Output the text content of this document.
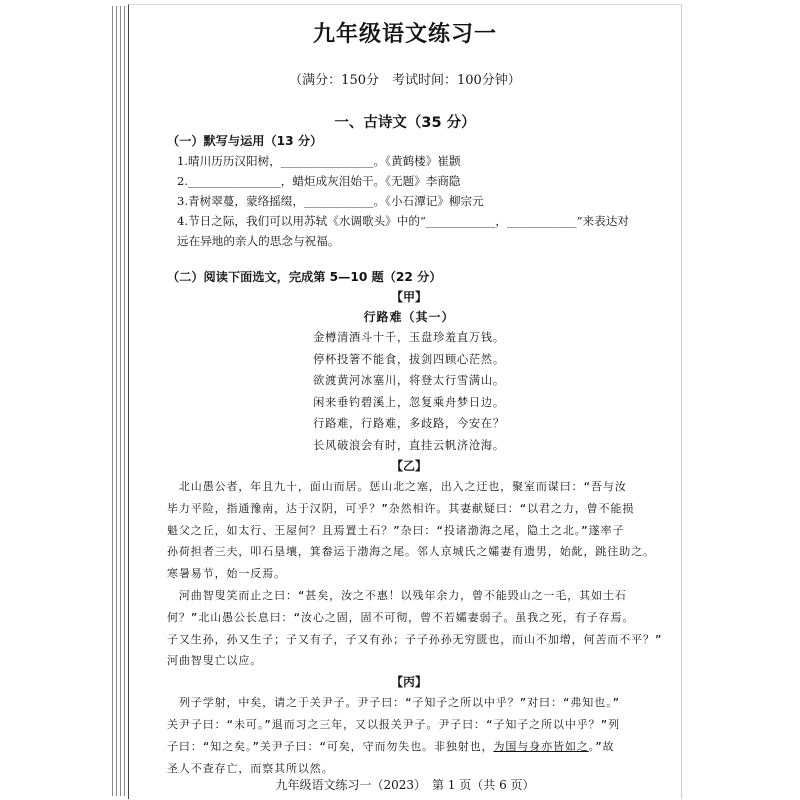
九年级语文练习一
（满分：150分　考试时间：100分钟）
一、古诗文（35 分）
（一）默写与运用（13 分）
1.晴川历历汉阳树，________________。《黄鹤楼》崔颢
2.________________，蜡炬成灰泪始干。《无题》李商隐
3.青树翠蔓，蒙络摇缀，____________。《小石潭记》柳宗元
4.节日之际，我们可以用苏轼《水调歌头》中的“____________，____________”来表达对
远在异地的亲人的思念与祝福。
（二）阅读下面选文，完成第 5—10 题（22 分）
【甲】
行路难（其一）
金樽清酒斗十千，玉盘珍羞直万钱。
停杯投箸不能食，拔剑四顾心茫然。
欲渡黄河冰塞川，将登太行雪满山。
闲来垂钓碧溪上，忽复乘舟梦日边。
行路难，行路难，多歧路，今安在？
长风破浪会有时，直挂云帆济沧海。
【乙】
　北山愚公者，年且九十，面山而居。惩山北之塞，出入之迂也，聚室而谋曰：“吾与汝
毕力平险，指通豫南，达于汉阴，可乎？”杂然相许。其妻献疑曰：“以君之力，曾不能损
魁父之丘，如太行、王屋何？且焉置土石？”杂曰：“投诸渤海之尾，隐土之北。”遂率子
孙荷担者三夫，叩石垦壤，箕畚运于渤海之尾。邻人京城氏之孀妻有遗男，始龀，跳往助之。
寒暑易节，始一反焉。
　河曲智叟笑而止之曰：“甚矣，汝之不惠！以残年余力，曾不能毁山之一毛，其如土石
何？”北山愚公长息曰：“汝心之固，固不可彻，曾不若孀妻弱子。虽我之死，有子存焉。
子又生孙，孙又生子；子又有子，子又有孙；子子孙孙无穷匮也，而山不加增，何苦而不平？”
河曲智叟亡以应。
【丙】
　列子学射，中矣，请之于关尹子。尹子曰：“子知子之所以中乎？”对曰：“弗知也。”
关尹子曰：“未可。”退而习之三年，又以报关尹子。尹子曰：“子知子之所以中乎？”列
子曰：“知之矣。”关尹子曰：“可矣，守而勿失也。非独射也，为国与身亦皆如之。”故
圣人不查存亡，而察其所以然。
九年级语文练习一（2023）　第 1 页（共 6 页）
